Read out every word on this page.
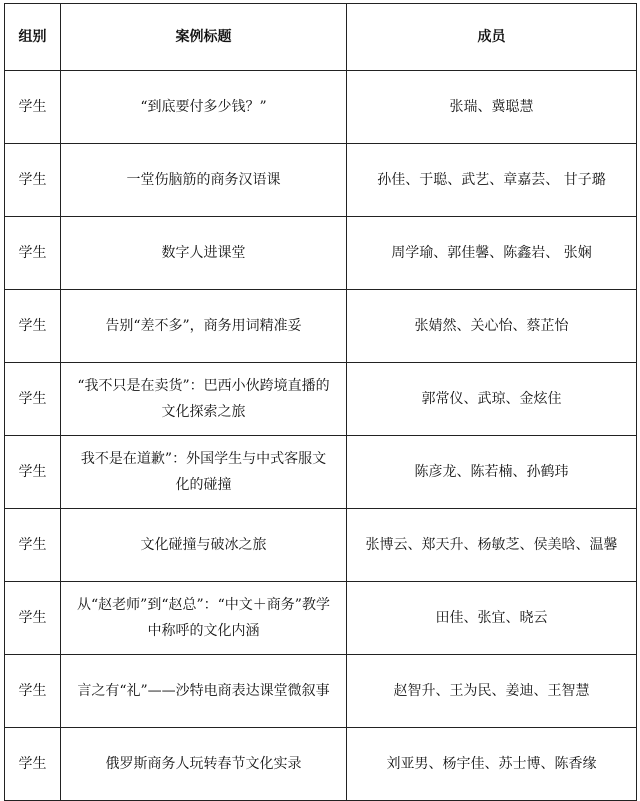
组别	案例标题	成员
学生	“到底要付多少钱？”	张瑞、冀聪慧
学生	一堂伤脑筋的商务汉语课	孙佳、于聪、武艺、章嘉芸、 甘子璐
学生	数字人进课堂	周学瑜、郭佳馨、陈鑫岩、 张娴
学生	告别“差不多”，商务用词精准妥	张婧然、关心怡、蔡芷怡
学生	“我不只是在卖货”：巴西小伙跨境直播的文化探索之旅	郭常仪、武琼、金炫住
学生	我不是在道歉”：外国学生与中式客服文化的碰撞	陈彦龙、陈若楠、孙鹤玮
学生	文化碰撞与破冰之旅	张博云、郑天升、杨敏芝、侯美晗、温馨
学生	从“赵老师”到“赵总”：“中文＋商务”教学中称呼的文化内涵	田佳、张宜、晓云
学生	言之有“礼”——沙特电商表达课堂微叙事	赵智升、王为民、姜迪、王智慧
学生	俄罗斯商务人玩转春节文化实录	刘亚男、杨宇佳、苏士博、陈香缘
